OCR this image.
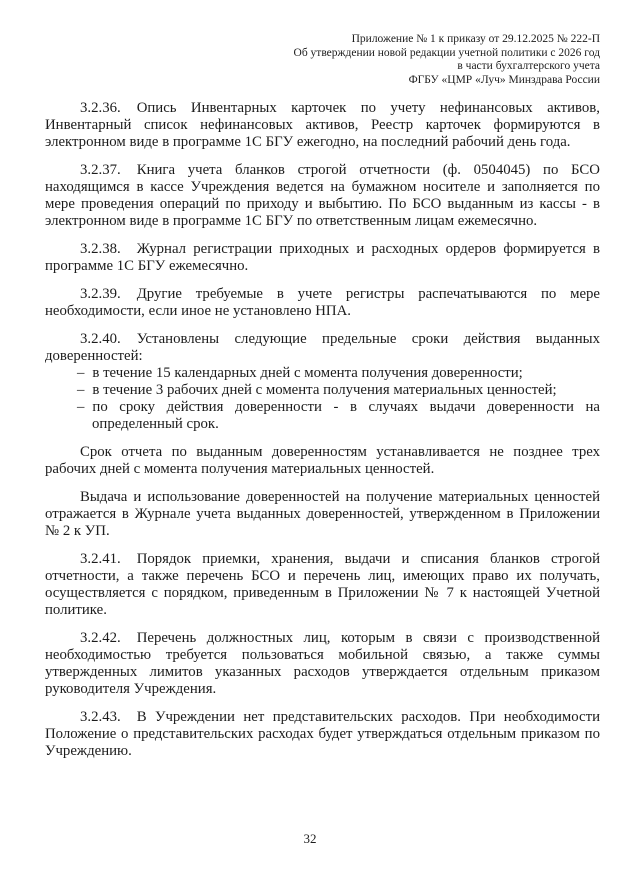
Приложение № 1 к приказу от 29.12.2025 № 222-П

Об утверждении новой редакции учетной политики с 2026 год

в части бухгалтерского учета

ФГБУ «ЦМР «Луч» Минздрава России

3.2.36. Опись Инвентарных карточек по учету нефинансовых активов, Инвентарный список нефинансовых активов, Реестр карточек формируются в электронном виде в программе 1С БГУ ежегодно, на последний рабочий день года.

3.2.37. Книга учета бланков строгой отчетности (ф. 0504045) по БСО находящимся в кассе Учреждения ведется на бумажном носителе и заполняется по мере проведения операций по приходу и выбытию. По БСО выданным из кассы - в электронном виде в программе 1С БГУ по ответственным лицам ежемесячно.

3.2.38. Журнал регистрации приходных и расходных ордеров формируется в программе 1С БГУ ежемесячно.

3.2.39. Другие требуемые в учете регистры распечатываются по мере необходимости, если иное не установлено НПА.

3.2.40. Установлены следующие предельные сроки действия выданных доверенностей:

– в течение 15 календарных дней с момента получения доверенности;

– в течение 3 рабочих дней с момента получения материальных ценностей;

– по сроку действия доверенности - в случаях выдачи доверенности на определенный срок.

Срок отчета по выданным доверенностям устанавливается не позднее трех рабочих дней с момента получения материальных ценностей.

Выдача и использование доверенностей на получение материальных ценностей отражается в Журнале учета выданных доверенностей, утвержденном в Приложении № 2 к УП.

3.2.41. Порядок приемки, хранения, выдачи и списания бланков строгой отчетности, а также перечень БСО и перечень лиц, имеющих право их получать, осуществляется с порядком, приведенным в Приложении № 7 к настоящей Учетной политике.

3.2.42. Перечень должностных лиц, которым в связи с производственной необходимостью требуется пользоваться мобильной связью, а также суммы утвержденных лимитов указанных расходов утверждается отдельным приказом руководителя Учреждения.

3.2.43. В Учреждении нет представительских расходов. При необходимости Положение о представительских расходах будет утверждаться отдельным приказом по Учреждению.

32
